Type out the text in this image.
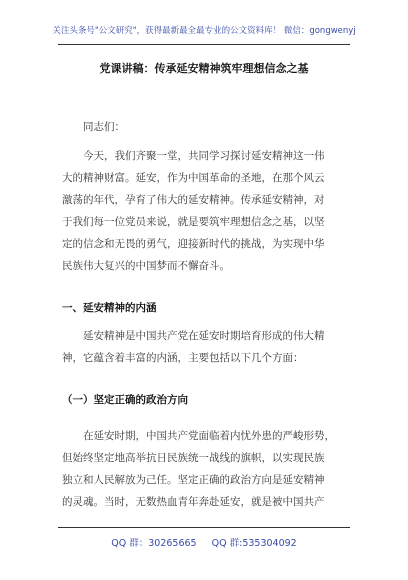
关注头条号"公文研究"，获得最新最全最专业的公文资料库！ 微信：gongwenyj
党课讲稿：传承延安精神筑牢理想信念之基
同志们：

今天，我们齐聚一堂，共同学习探讨延安精神这一伟

大的精神财富。延安，作为中国革命的圣地，在那个风云

激荡的年代，孕育了伟大的延安精神。传承延安精神，对

于我们每一位党员来说，就是要筑牢理想信念之基，以坚

定的信念和无畏的勇气，迎接新时代的挑战，为实现中华

民族伟大复兴的中国梦而不懈奋斗。

一、延安精神的内涵

延安精神是中国共产党在延安时期培育形成的伟大精

神，它蕴含着丰富的内涵，主要包括以下几个方面：

（一）坚定正确的政治方向

在延安时期，中国共产党面临着内忧外患的严峻形势，

但始终坚定地高举抗日民族统一战线的旗帜，以实现民族

独立和人民解放为己任。坚定正确的政治方向是延安精神

的灵魂。当时，无数热血青年奔赴延安，就是被中国共产

QQ 群：30265665 QQ 群:535304092
